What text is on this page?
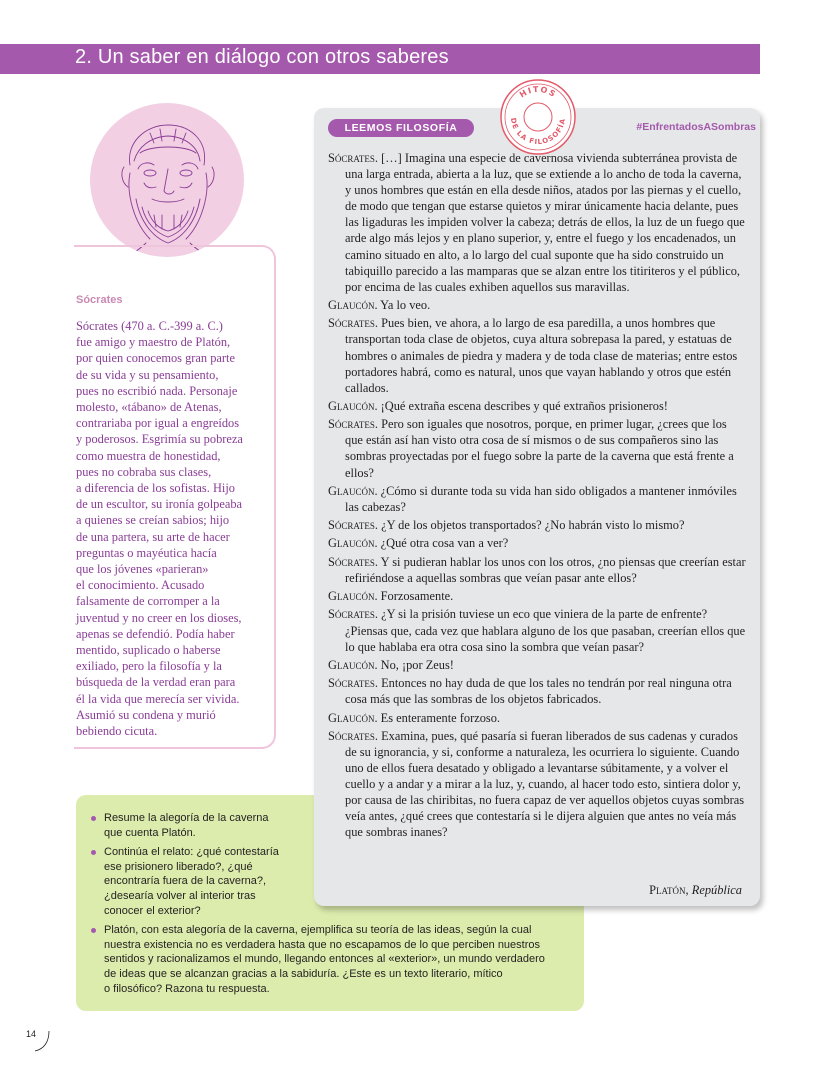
2. Un saber en diálogo con otros saberes
Sócrates

Sócrates (470 a. C.-399 a. C.)

fue amigo y maestro de Platón,

por quien conocemos gran parte

de su vida y su pensamiento,

pues no escribió nada. Personaje

molesto, «tábano» de Atenas,

contrariaba por igual a engreídos

y poderosos. Esgrimía su pobreza

como muestra de honestidad,

pues no cobraba sus clases,

a diferencia de los sofistas. Hijo

de un escultor, su ironía golpeaba

a quienes se creían sabios; hijo

de una partera, su arte de hacer

preguntas o mayéutica hacía

que los jóvenes «parieran»

el conocimiento. Acusado

falsamente de corromper a la

juventud y no creer en los dioses,

apenas se defendió. Podía haber

mentido, suplicado o haberse

exiliado, pero la filosofía y la

búsqueda de la verdad eran para

él la vida que merecía ser vivida.

Asumió su condena y murió

bebiendo cicuta.

Resume la alegoría de la caverna
que cuenta Platón.
Continúa el relato: ¿qué contestaría
ese prisionero liberado?, ¿qué
encontraría fuera de la caverna?,
¿desearía volver al interior tras
conocer el exterior?
Platón, con esta alegoría de la caverna, ejemplifica su teoría de las ideas, según la cual
nuestra existencia no es verdadera hasta que no escapamos de lo que perciben nuestros
sentidos y racionalizamos el mundo, llegando entonces al «exterior», un mundo verdadero
de ideas que se alcanzan gracias a la sabiduría. ¿Este es un texto literario, mítico
o filosófico? Razona tu respuesta.
LEEMOS FILOSOFÍA	#EnfrentadosASombras
HITOS
DE LA FILOSOFÍA

Sócrates. […] Imagina una especie de cavernosa vivienda subterránea provista de una larga entrada, abierta a la luz, que se extiende a lo ancho de toda la caverna, y unos hombres que están en ella desde niños, atados por las piernas y el cuello, de modo que tengan que estarse quietos y mirar únicamente hacia delante, pues las ligaduras les impiden volver la cabeza; detrás de ellos, la luz de un fuego que arde algo más lejos y en plano superior, y, entre el fuego y los encadenados, un camino situado en alto, a lo largo del cual suponte que ha sido construido un tabiquillo parecido a las mamparas que se alzan entre los titiriteros y el público, por encima de las cuales exhiben aquellos sus maravillas.

Glaucón. Ya lo veo.

Sócrates. Pues bien, ve ahora, a lo largo de esa paredilla, a unos hombres que transportan toda clase de objetos, cuya altura sobrepasa la pared, y estatuas de hombres o animales de piedra y madera y de toda clase de materias; entre estos portadores habrá, como es natural, unos que vayan hablando y otros que estén callados.

Glaucón. ¡Qué extraña escena describes y qué extraños prisioneros!

Sócrates. Pero son iguales que nosotros, porque, en primer lugar, ¿crees que los que están así han visto otra cosa de sí mismos o de sus compañeros sino las sombras proyectadas por el fuego sobre la parte de la caverna que está frente a ellos?

Glaucón. ¿Cómo si durante toda su vida han sido obligados a mantener inmóviles las cabezas?

Sócrates. ¿Y de los objetos transportados? ¿No habrán visto lo mismo?

Glaucón. ¿Qué otra cosa van a ver?

Sócrates. Y si pudieran hablar los unos con los otros, ¿no piensas que creerían estar refiriéndose a aquellas sombras que veían pasar ante ellos?

Glaucón. Forzosamente.

Sócrates. ¿Y si la prisión tuviese un eco que viniera de la parte de enfrente? ¿Piensas que, cada vez que hablara alguno de los que pasaban, creerían ellos que lo que hablaba era otra cosa sino la sombra que veían pasar?

Glaucón. No, ¡por Zeus!

Sócrates. Entonces no hay duda de que los tales no tendrán por real ninguna otra cosa más que las sombras de los objetos fabricados.

Glaucón. Es enteramente forzoso.

Sócrates. Examina, pues, qué pasaría si fueran liberados de sus cadenas y curados de su ignorancia, y si, conforme a naturaleza, les ocurriera lo siguiente. Cuando uno de ellos fuera desatado y obligado a levantarse súbitamente, y a volver el cuello y a andar y a mirar a la luz, y, cuando, al hacer todo esto, sintiera dolor y, por causa de las chiribitas, no fuera capaz de ver aquellos objetos cuyas sombras veía antes, ¿qué crees que contestaría si le dijera alguien que antes no veía más que sombras inanes?

Platón, República
14
